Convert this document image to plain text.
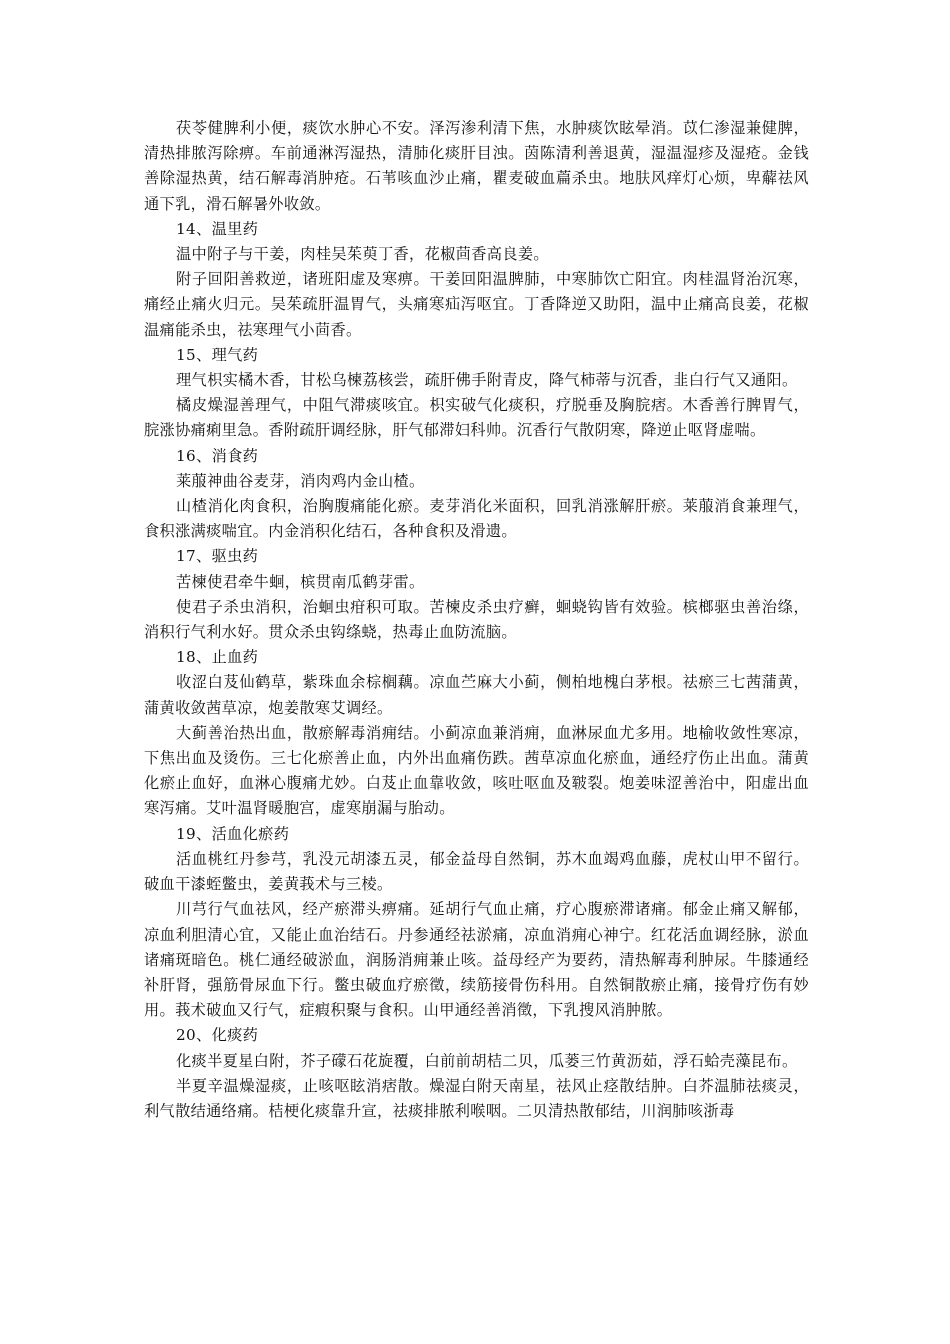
茯苓健脾利小便，痰饮水肿心不安。泽泻渗利清下焦，水肿痰饮眩晕消。苡仁渗湿兼健脾，清热排脓泻除痹。车前通淋泻湿热，清肺化痰肝目浊。茵陈清利善退黄，湿温湿疹及湿疮。金钱善除湿热黄，结石解毒消肿疮。石苇咳血沙止痛，瞿麦破血萹杀虫。地肤风痒灯心烦，卑薢祛风通下乳，滑石解暑外收敛。

14、温里药

温中附子与干姜，肉桂吴茱萸丁香，花椒茴香高良姜。

附子回阳善救逆，诸班阳虚及寒痹。干姜回阳温脾肺，中寒肺饮亡阳宜。肉桂温肾治沉寒，痛经止痛火归元。吴茱疏肝温胃气，头痛寒疝泻呕宜。丁香降逆又助阳，温中止痛高良姜，花椒温痛能杀虫，祛寒理气小茴香。

15、理气药

理气枳实橘木香，甘松乌楝荔核尝，疏肝佛手附青皮，降气柿蒂与沉香，韭白行气又通阳。

橘皮燥湿善理气，中阻气滞痰咳宜。枳实破气化痰积，疗脱垂及胸脘痞。木香善行脾胃气，脘涨协痛痢里急。香附疏肝调经脉，肝气郁滞妇科帅。沉香行气散阴寒，降逆止呕肾虚喘。

16、消食药

莱菔神曲谷麦芽，消肉鸡内金山楂。

山楂消化肉食积，治胸腹痛能化瘀。麦芽消化米面积，回乳消涨解肝瘀。莱菔消食兼理气，食积涨满痰喘宜。内金消积化结石，各种食积及滑遗。

17、驱虫药

苦楝使君牵牛蛔，槟贯南瓜鹤芽雷。

使君子杀虫消积，治蛔虫疳积可取。苦楝皮杀虫疗癣，蛔蛲钩皆有效验。槟榔驱虫善治绦，消积行气利水好。贯众杀虫钩绦蛲，热毒止血防流脑。

18、止血药

收涩白芨仙鹤草，紫珠血余棕榈藕。凉血苎麻大小蓟，侧柏地槐白茅根。祛瘀三七茜蒲黄，蒲黄收敛茜草凉，炮姜散寒艾调经。

大蓟善治热出血，散瘀解毒消痈结。小蓟凉血兼消痈，血淋尿血尤多用。地榆收敛性寒凉，下焦出血及烫伤。三七化瘀善止血，内外出血痛伤跌。茜草凉血化瘀血，通经疗伤止出血。蒲黄化瘀止血好，血淋心腹痛尤妙。白芨止血靠收敛，咳吐呕血及皲裂。炮姜味涩善治中，阳虚出血寒泻痛。艾叶温肾暖胞宫，虚寒崩漏与胎动。

19、活血化瘀药

活血桃红丹参芎，乳没元胡漆五灵，郁金益母自然铜，苏木血竭鸡血藤，虎杖山甲不留行。破血干漆蛭鳖虫，姜黄莪术与三棱。

川芎行气血祛风，经产瘀滞头痹痛。延胡行气血止痛，疗心腹瘀滞诸痛。郁金止痛又解郁，凉血利胆清心宜，又能止血治结石。丹参通经祛淤痛，凉血消痈心神宁。红花活血调经脉，淤血诸痛斑暗色。桃仁通经破淤血，润肠消痈兼止咳。益母经产为要药，清热解毒利肿尿。牛膝通经补肝肾，强筋骨尿血下行。鳖虫破血疗瘀徵，续筋接骨伤科用。自然铜散瘀止痛，接骨疗伤有妙用。莪术破血又行气，症瘕积聚与食积。山甲通经善消徵，下乳搜风消肿脓。

20、化痰药

化痰半夏星白附，芥子礞石花旋覆，白前前胡桔二贝，瓜蒌三竹黄沥茹，浮石蛤壳藻昆布。

半夏辛温燥湿痰，止咳呕眩消痞散。燥湿白附天南星，祛风止痉散结肿。白芥温肺祛痰灵，利气散结通络痛。桔梗化痰靠升宣，祛痰排脓利喉咽。二贝清热散郁结，川润肺咳浙毒
